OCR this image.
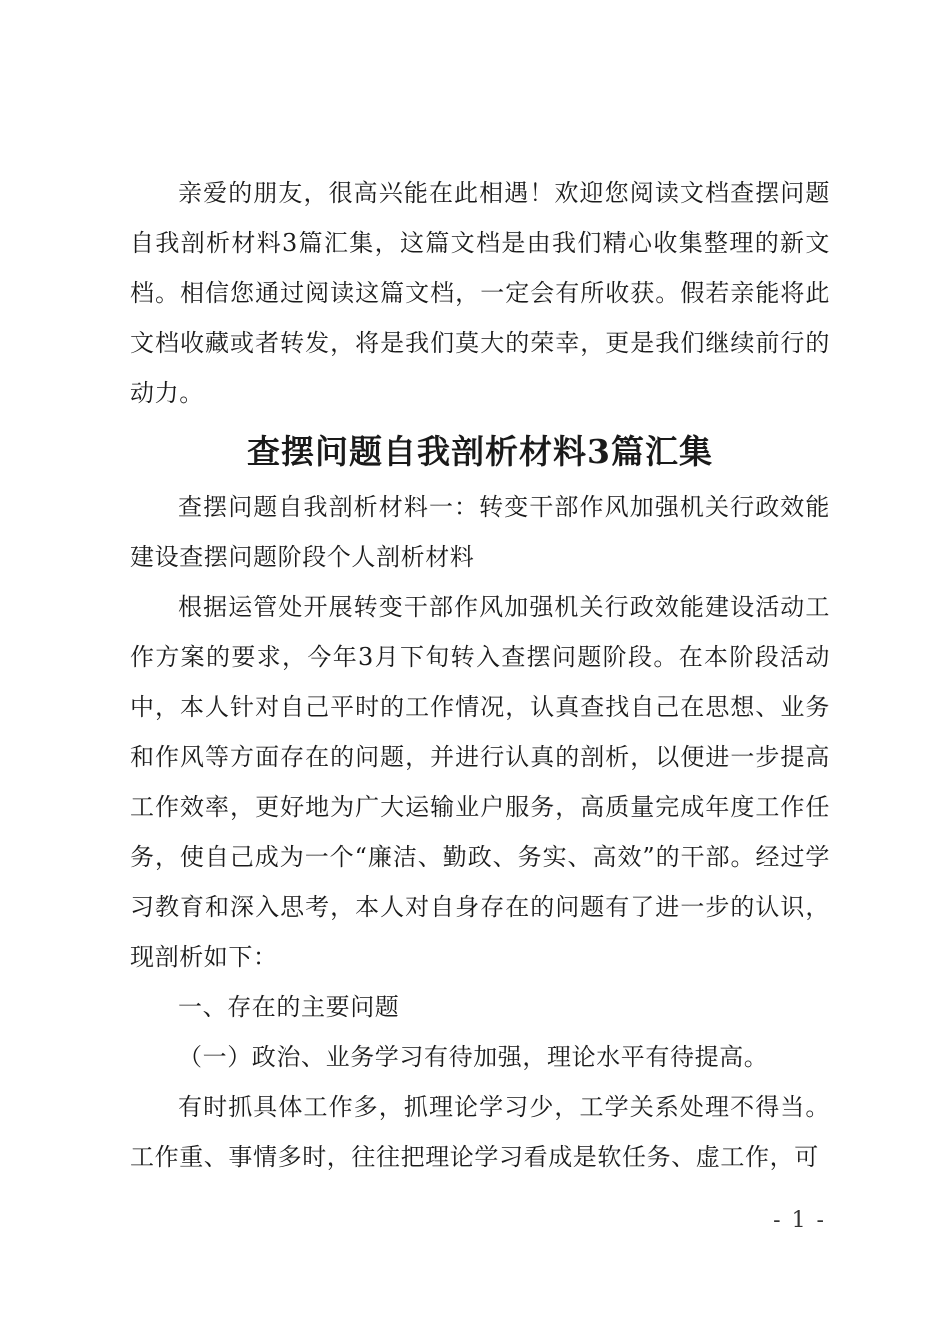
亲爱的朋友，很高兴能在此相遇！欢迎您阅读文档查摆问题自我剖析材料3篇汇集，这篇文档是由我们精心收集整理的新文档。相信您通过阅读这篇文档，一定会有所收获。假若亲能将此文档收藏或者转发，将是我们莫大的荣幸，更是我们继续前行的动力。

查摆问题自我剖析材料3篇汇集

查摆问题自我剖析材料一：转变干部作风加强机关行政效能建设查摆问题阶段个人剖析材料

根据运管处开展转变干部作风加强机关行政效能建设活动工作方案的要求，今年3月下旬转入查摆问题阶段。在本阶段活动中，本人针对自己平时的工作情况，认真查找自己在思想、业务和作风等方面存在的问题，并进行认真的剖析，以便进一步提高工作效率，更好地为广大运输业户服务，高质量完成年度工作任务，使自己成为一个“廉洁、勤政、务实、高效”的干部。经过学习教育和深入思考，本人对自身存在的问题有了进一步的认识，现剖析如下：

一、存在的主要问题

（一）政治、业务学习有待加强，理论水平有待提高。

有时抓具体工作多，抓理论学习少，工学关系处理不得当。工作重、事情多时，往往把理论学习看成是软任务、虚工作，可

- 1 -
